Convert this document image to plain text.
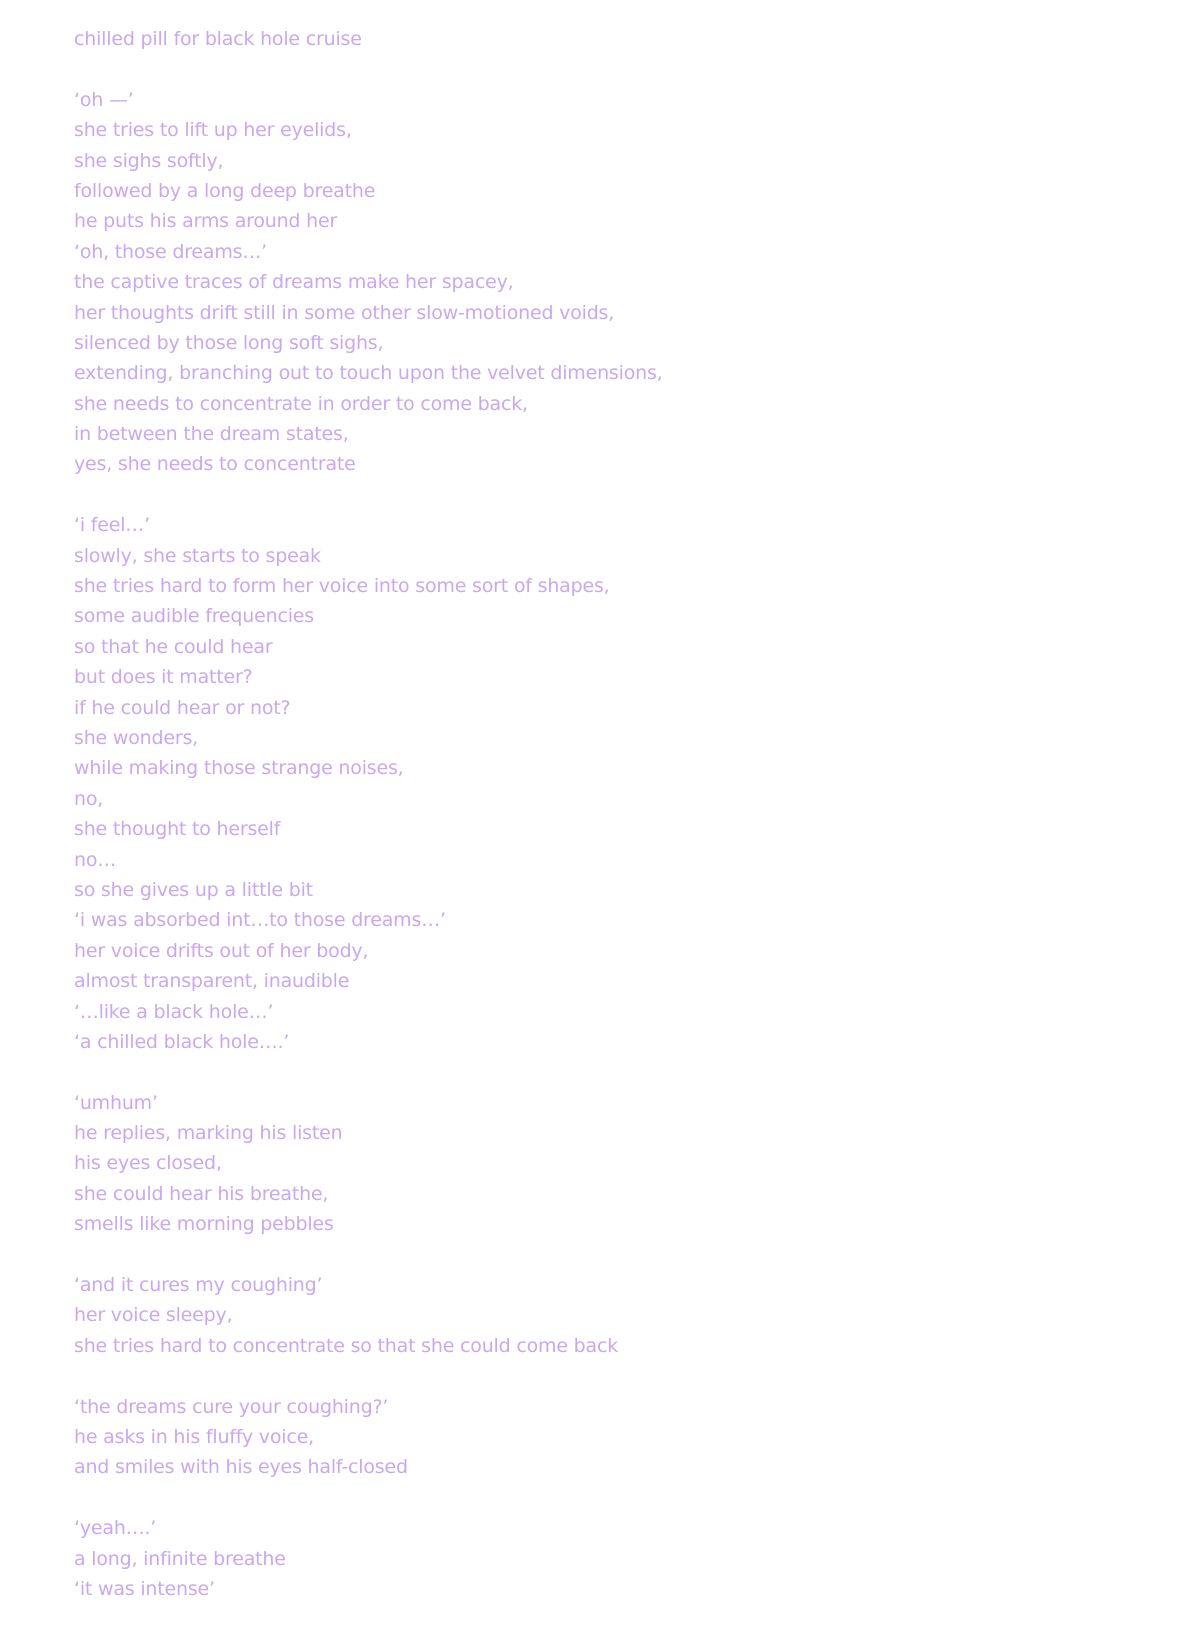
chilled pill for black hole cruise
‘oh —’
she tries to lift up her eyelids,
she sighs softly,
followed by a long deep breathe
he puts his arms around her
‘oh, those dreams…’
the captive traces of dreams make her spacey,
her thoughts drift still in some other slow-motioned voids,
silenced by those long soft sighs,
extending, branching out to touch upon the velvet dimensions,
she needs to concentrate in order to come back,
in between the dream states,
yes, she needs to concentrate
‘i feel…’
slowly, she starts to speak
she tries hard to form her voice into some sort of shapes,
some audible frequencies
so that he could hear
but does it matter?
if he could hear or not?
she wonders,
while making those strange noises,
no,
she thought to herself
no…
so she gives up a little bit
‘i was absorbed int…to those dreams…’
her voice drifts out of her body,
almost transparent, inaudible
‘…like a black hole…’
‘a chilled black hole….’
‘umhum’
he replies, marking his listen
his eyes closed,
she could hear his breathe,
smells like morning pebbles
‘and it cures my coughing’
her voice sleepy,
she tries hard to concentrate so that she could come back
‘the dreams cure your coughing?’
he asks in his fluffy voice,
and smiles with his eyes half-closed
‘yeah….’
a long, infinite breathe
‘it was intense’
